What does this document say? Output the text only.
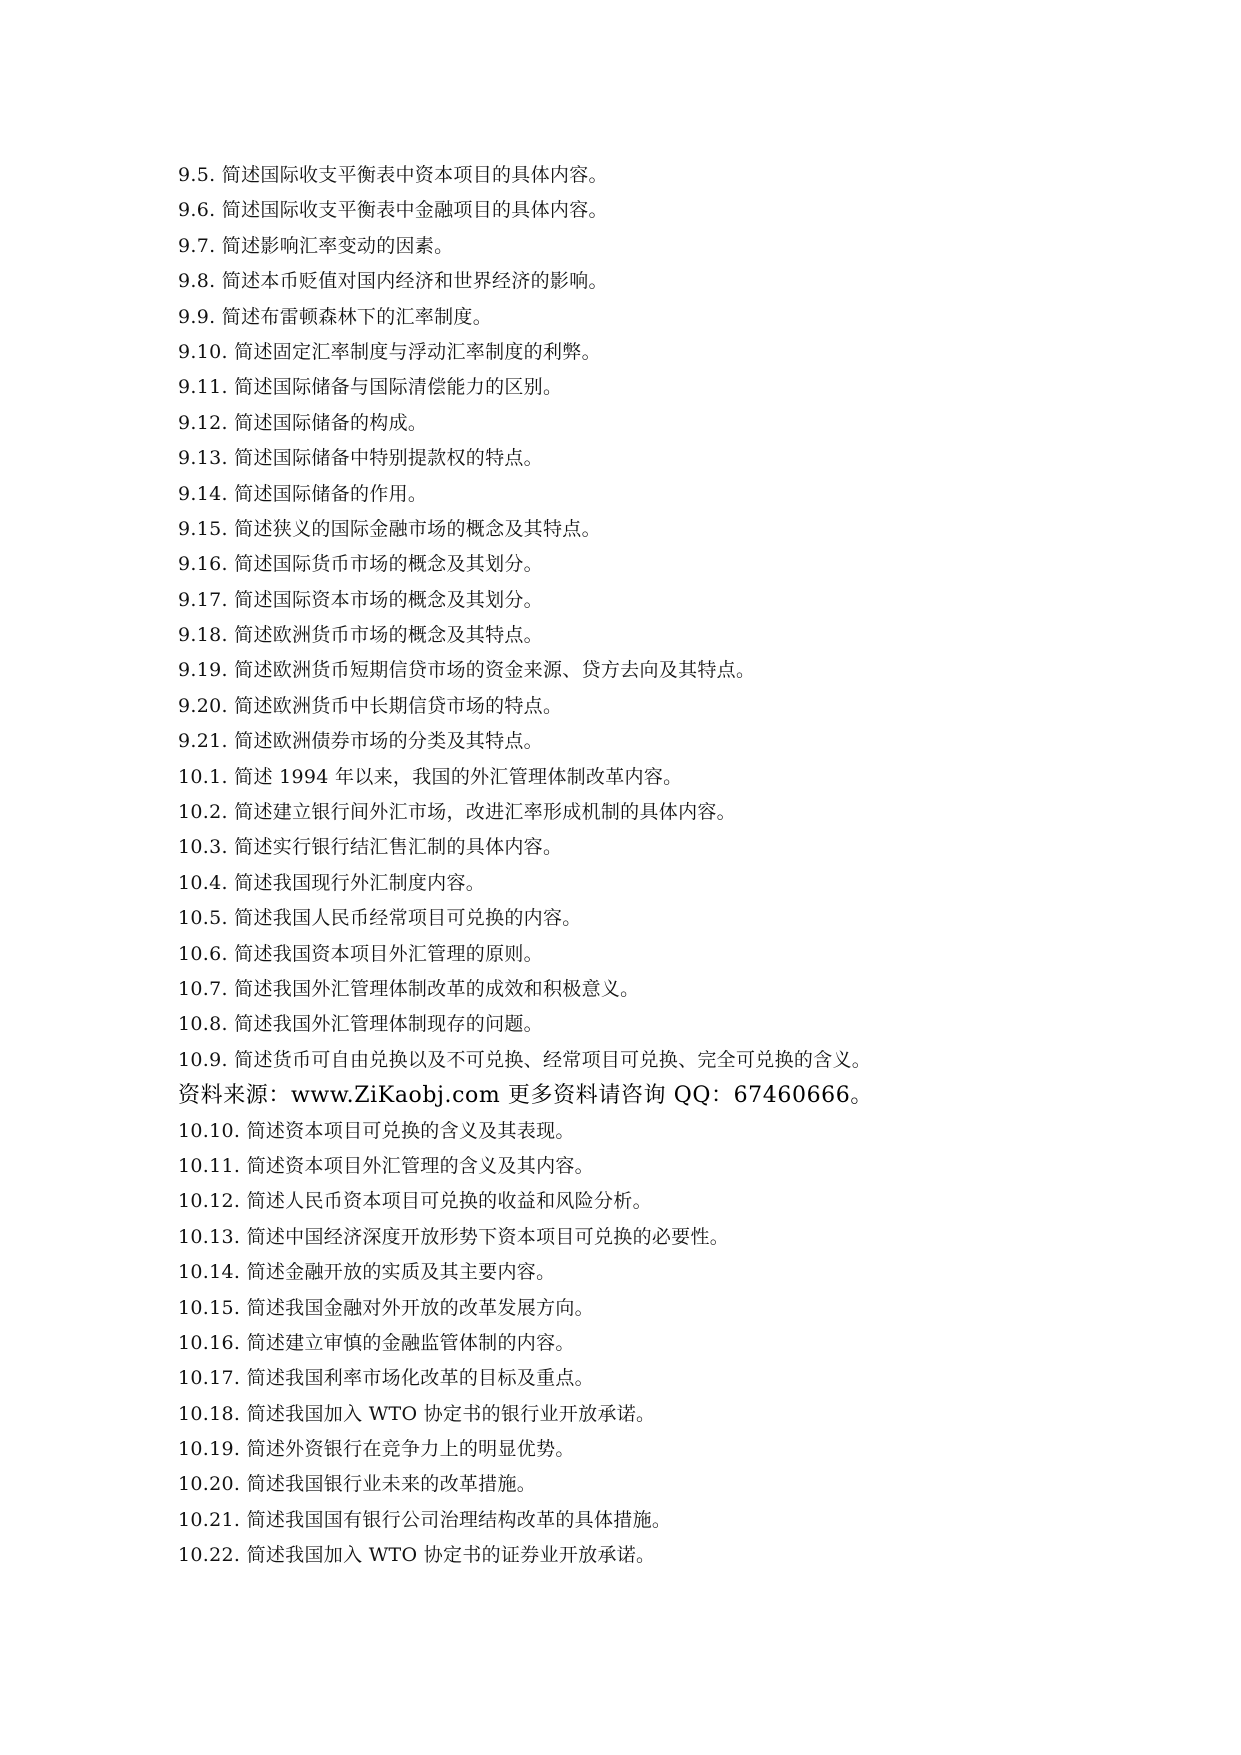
9.5. 简述国际收支平衡表中资本项目的具体内容。
9.6. 简述国际收支平衡表中金融项目的具体内容。
9.7. 简述影响汇率变动的因素。
9.8. 简述本币贬值对国内经济和世界经济的影响。
9.9. 简述布雷顿森林下的汇率制度。
9.10. 简述固定汇率制度与浮动汇率制度的利弊。
9.11. 简述国际储备与国际清偿能力的区别。
9.12. 简述国际储备的构成。
9.13. 简述国际储备中特别提款权的特点。
9.14. 简述国际储备的作用。
9.15. 简述狭义的国际金融市场的概念及其特点。
9.16. 简述国际货币市场的概念及其划分。
9.17. 简述国际资本市场的概念及其划分。
9.18. 简述欧洲货币市场的概念及其特点。
9.19. 简述欧洲货币短期信贷市场的资金来源、贷方去向及其特点。
9.20. 简述欧洲货币中长期信贷市场的特点。
9.21. 简述欧洲债券市场的分类及其特点。
10.1. 简述 1994 年以来，我国的外汇管理体制改革内容。
10.2. 简述建立银行间外汇市场，改进汇率形成机制的具体内容。
10.3. 简述实行银行结汇售汇制的具体内容。
10.4. 简述我国现行外汇制度内容。
10.5. 简述我国人民币经常项目可兑换的内容。
10.6. 简述我国资本项目外汇管理的原则。
10.7. 简述我国外汇管理体制改革的成效和积极意义。
10.8. 简述我国外汇管理体制现存的问题。
10.9. 简述货币可自由兑换以及不可兑换、经常项目可兑换、完全可兑换的含义。
资料来源：www.ZiKaobj.com 更多资料请咨询 QQ：67460666。
10.10. 简述资本项目可兑换的含义及其表现。
10.11. 简述资本项目外汇管理的含义及其内容。
10.12. 简述人民币资本项目可兑换的收益和风险分析。
10.13. 简述中国经济深度开放形势下资本项目可兑换的必要性。
10.14. 简述金融开放的实质及其主要内容。
10.15. 简述我国金融对外开放的改革发展方向。
10.16. 简述建立审慎的金融监管体制的内容。
10.17. 简述我国利率市场化改革的目标及重点。
10.18. 简述我国加入 WTO 协定书的银行业开放承诺。
10.19. 简述外资银行在竞争力上的明显优势。
10.20. 简述我国银行业未来的改革措施。
10.21. 简述我国国有银行公司治理结构改革的具体措施。
10.22. 简述我国加入 WTO 协定书的证券业开放承诺。
